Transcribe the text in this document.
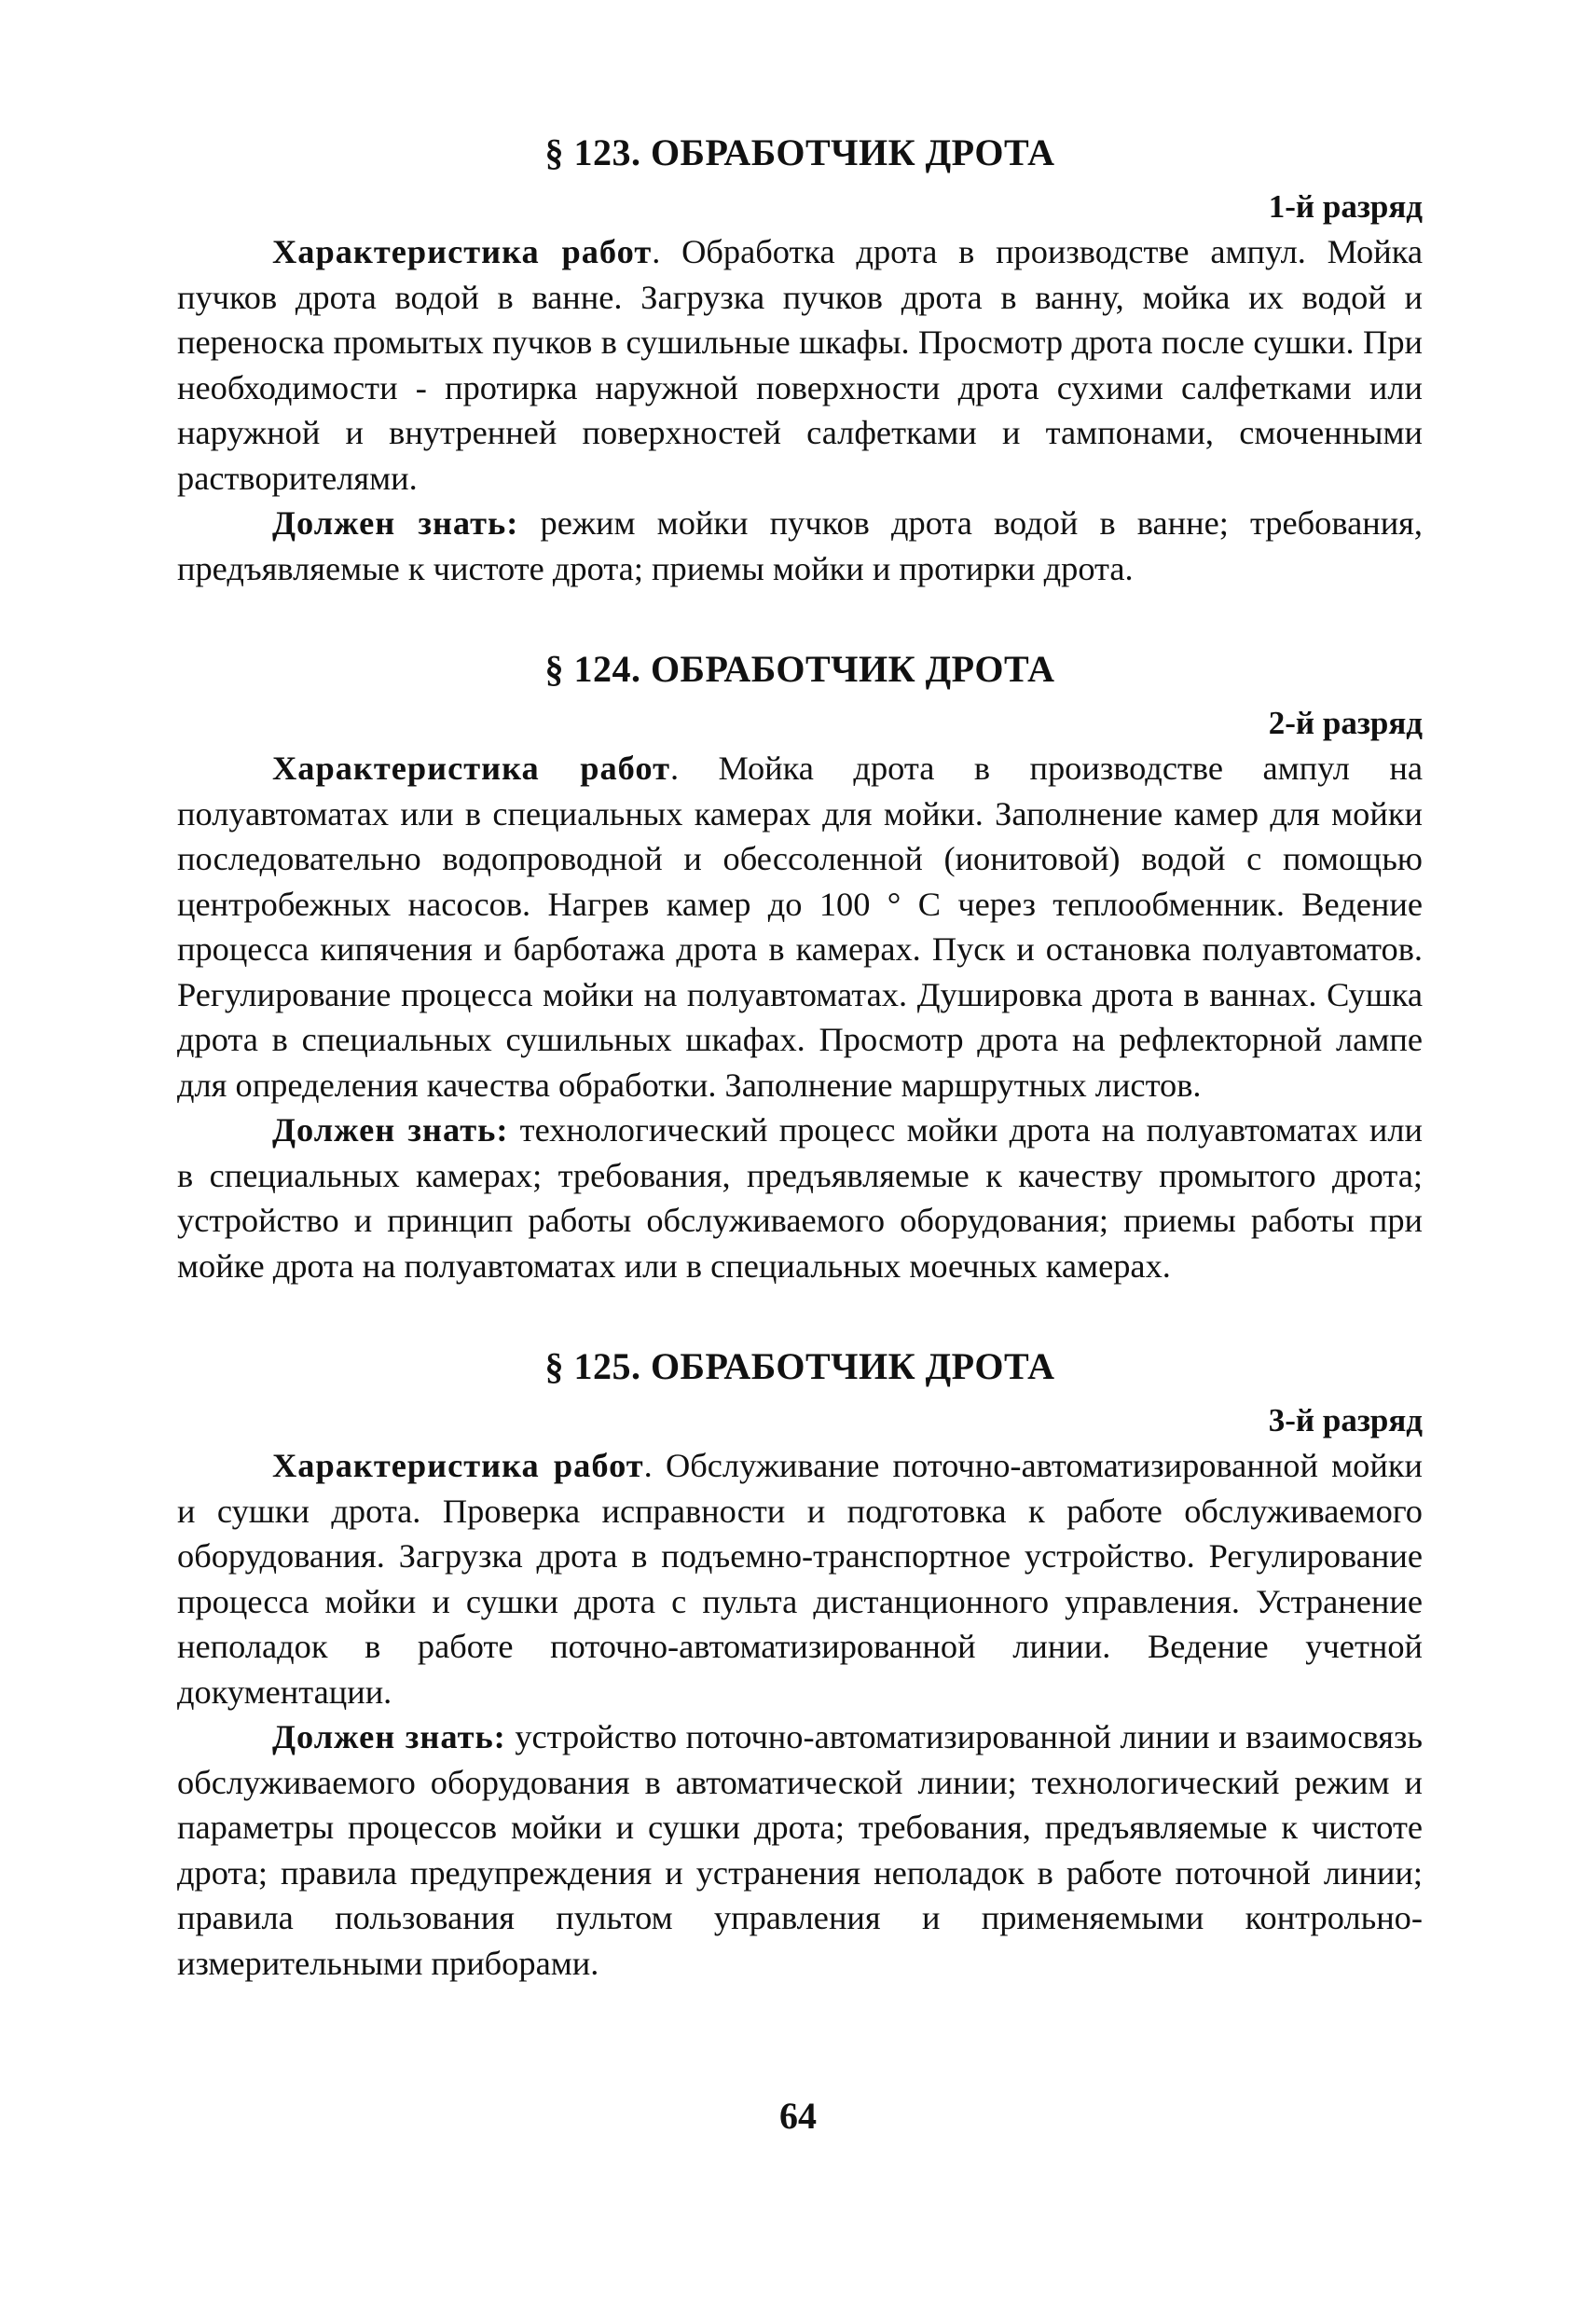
§ 123. ОБРАБОТЧИК ДРОТА

1-й разряд

Характеристика работ. Обработка дрота в производстве ампул. Мойка пучков дрота водой в ванне. Загрузка пучков дрота в ванну, мойка их водой и переноска промытых пучков в сушильные шкафы. Просмотр дрота после сушки. При необходимости - протирка наружной поверхности дрота сухими салфетками или наружной и внутренней поверхностей салфетками и тампонами, смоченными растворителями.

Должен знать: режим мойки пучков дрота водой в ванне; требования, предъявляемые к чистоте дрота; приемы мойки и протирки дрота.

§ 124. ОБРАБОТЧИК ДРОТА

2-й разряд

Характеристика работ. Мойка дрота в производстве ампул на полуавтоматах или в специальных камерах для мойки. Заполнение камер для мойки последовательно водопроводной и обессоленной (ионитовой) водой с помощью центробежных насосов. Нагрев камер до 100 ° С через теплообменник. Ведение процесса кипячения и барботажа дрота в камерах. Пуск и остановка полуавтоматов. Регулирование процесса мойки на полуавтоматах. Душировка дрота в ваннах. Сушка дрота в специальных сушильных шкафах. Просмотр дрота на рефлекторной лампе для определения качества обработки. Заполнение маршрутных листов.

Должен знать: технологический процесс мойки дрота на полуавтоматах или в специальных камерах; требования, предъявляемые к качеству промытого дрота; устройство и принцип работы обслуживаемого оборудования; приемы работы при мойке дрота на полуавтоматах или в специальных моечных камерах.

§ 125. ОБРАБОТЧИК ДРОТА

3-й разряд

Характеристика работ. Обслуживание поточно-автоматизированной мойки и сушки дрота. Проверка исправности и подготовка к работе обслуживаемого оборудования. Загрузка дрота в подъемно-транспортное устройство. Регулирование процесса мойки и сушки дрота с пульта дистанционного управления. Устранение неполадок в работе поточно-автоматизированной линии. Ведение учетной документации.

Должен знать: устройство поточно-автоматизированной линии и взаимосвязь обслуживаемого оборудования в автоматической линии; технологический режим и параметры процессов мойки и сушки дрота; требования, предъявляемые к чистоте дрота; правила предупреждения и устранения неполадок в работе поточной линии; правила пользования пультом управления и применяемыми контрольно-измерительными приборами.

64
